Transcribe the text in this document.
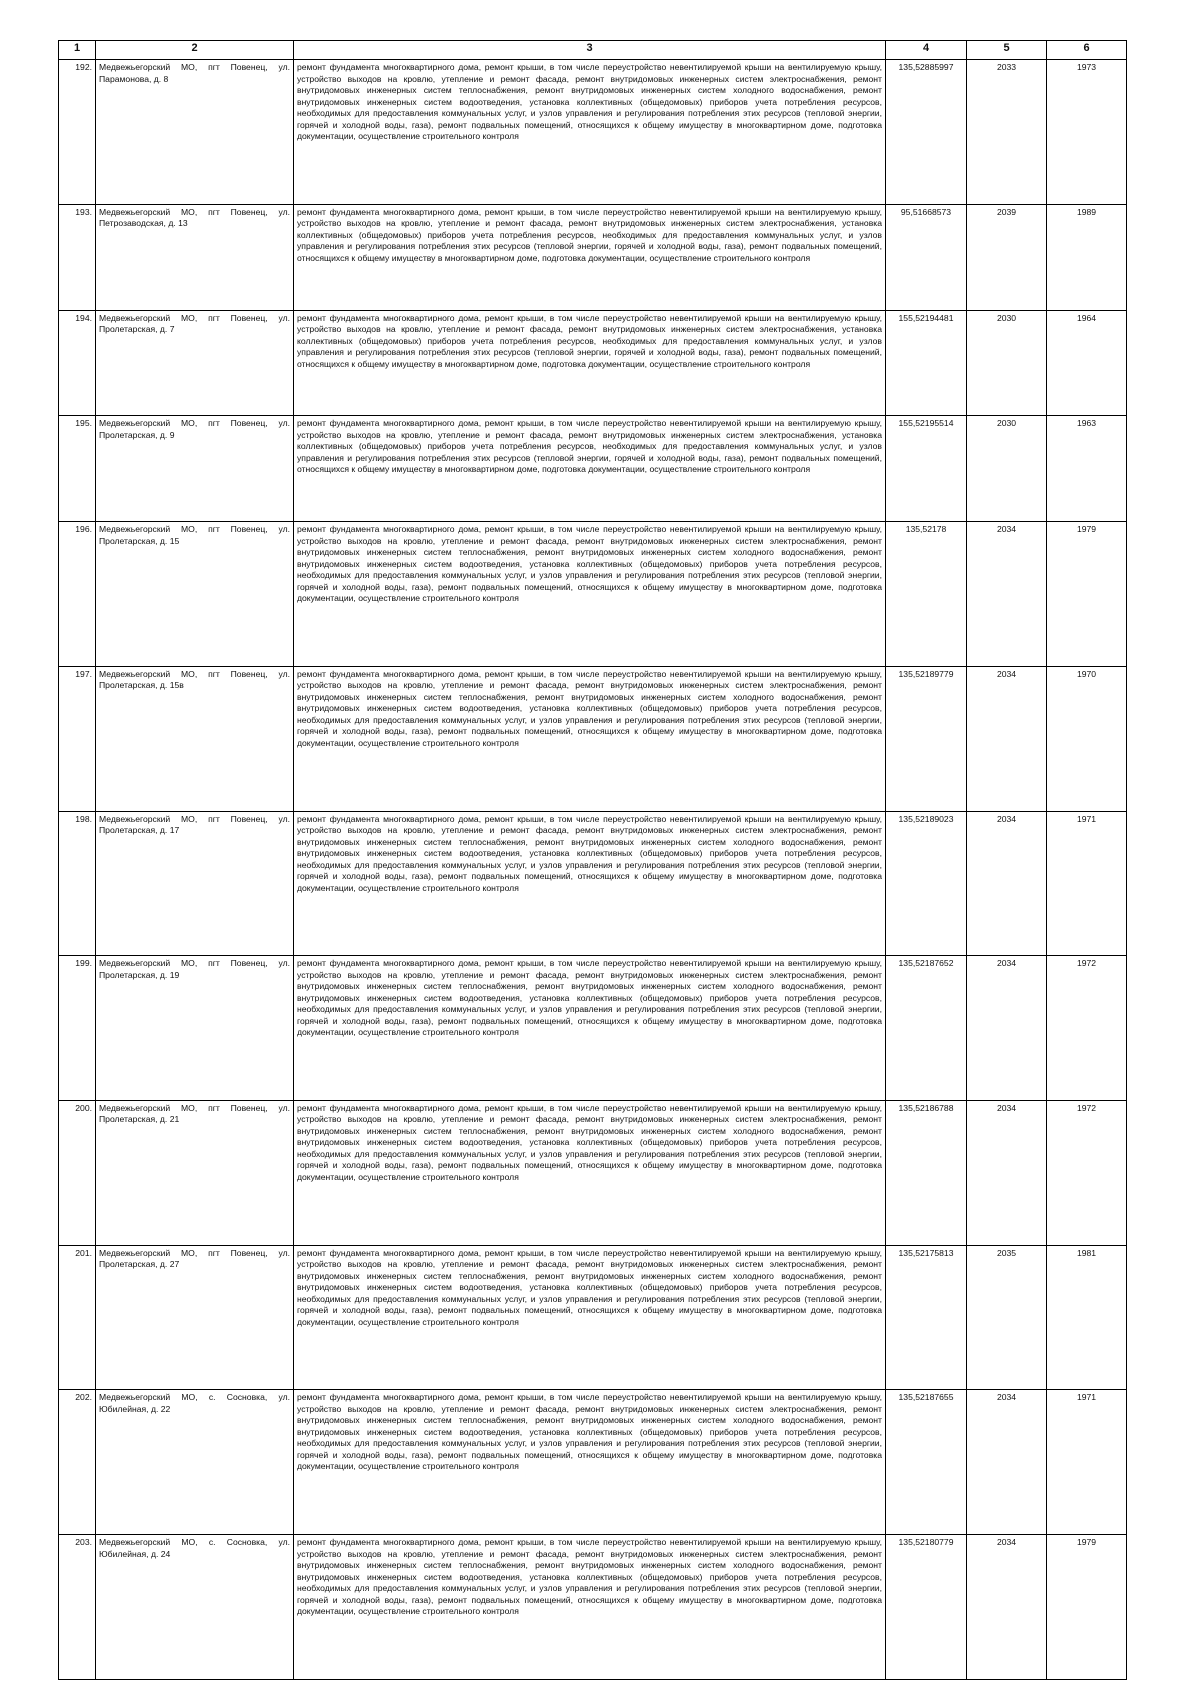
1	2	3	4	5	6
192.	Медвежьегорский МО, пгт Повенец, ул. Парамонова, д. 8	ремонт фундамента многоквартирного дома, ремонт крыши, в том числе переустройство невентилируемой крыши на вентилируемую крышу, устройство выходов на кровлю, утепление и ремонт фасада, ремонт внутридомовых инженерных систем электроснабжения, ремонт внутридомовых инженерных систем теплоснабжения, ремонт внутридомовых инженерных систем холодного водоснабжения, ремонт внутридомовых инженерных систем водоотведения, установка коллективных (общедомовых) приборов учета потребления ресурсов, необходимых для предоставления коммунальных услуг, и узлов управления и регулирования потребления этих ресурсов (тепловой энергии, горячей и холодной воды, газа), ремонт подвальных помещений, относящихся к общему имуществу в многоквартирном доме, подготовка документации, осуществление строительного контроля	135,52885997	2033	1973
193.	Медвежьегорский МО, пгт Повенец, ул. Петрозаводская, д. 13	ремонт фундамента многоквартирного дома, ремонт крыши, в том числе переустройство невентилируемой крыши на вентилируемую крышу, устройство выходов на кровлю, утепление и ремонт фасада, ремонт внутридомовых инженерных систем электроснабжения, установка коллективных (общедомовых) приборов учета потребления ресурсов, необходимых для предоставления коммунальных услуг, и узлов управления и регулирования потребления этих ресурсов (тепловой энергии, горячей и холодной воды, газа), ремонт подвальных помещений, относящихся к общему имуществу в многоквартирном доме, подготовка документации, осуществление строительного контроля	95,51668573	2039	1989
194.	Медвежьегорский МО, пгт Повенец, ул. Пролетарская, д. 7	ремонт фундамента многоквартирного дома, ремонт крыши, в том числе переустройство невентилируемой крыши на вентилируемую крышу, устройство выходов на кровлю, утепление и ремонт фасада, ремонт внутридомовых инженерных систем электроснабжения, установка коллективных (общедомовых) приборов учета потребления ресурсов, необходимых для предоставления коммунальных услуг, и узлов управления и регулирования потребления этих ресурсов (тепловой энергии, горячей и холодной воды, газа), ремонт подвальных помещений, относящихся к общему имуществу в многоквартирном доме, подготовка документации, осуществление строительного контроля	155,52194481	2030	1964
195.	Медвежьегорский МО, пгт Повенец, ул. Пролетарская, д. 9	ремонт фундамента многоквартирного дома, ремонт крыши, в том числе переустройство невентилируемой крыши на вентилируемую крышу, устройство выходов на кровлю, утепление и ремонт фасада, ремонт внутридомовых инженерных систем электроснабжения, установка коллективных (общедомовых) приборов учета потребления ресурсов, необходимых для предоставления коммунальных услуг, и узлов управления и регулирования потребления этих ресурсов (тепловой энергии, горячей и холодной воды, газа), ремонт подвальных помещений, относящихся к общему имуществу в многоквартирном доме, подготовка документации, осуществление строительного контроля	155,52195514	2030	1963
196.	Медвежьегорский МО, пгт Повенец, ул. Пролетарская, д. 15	ремонт фундамента многоквартирного дома, ремонт крыши, в том числе переустройство невентилируемой крыши на вентилируемую крышу, устройство выходов на кровлю, утепление и ремонт фасада, ремонт внутридомовых инженерных систем электроснабжения, ремонт внутридомовых инженерных систем теплоснабжения, ремонт внутридомовых инженерных систем холодного водоснабжения, ремонт внутридомовых инженерных систем водоотведения, установка коллективных (общедомовых) приборов учета потребления ресурсов, необходимых для предоставления коммунальных услуг, и узлов управления и регулирования потребления этих ресурсов (тепловой энергии, горячей и холодной воды, газа), ремонт подвальных помещений, относящихся к общему имуществу в многоквартирном доме, подготовка документации, осуществление строительного контроля	135,52178	2034	1979
197.	Медвежьегорский МО, пгт Повенец, ул. Пролетарская, д. 15в	ремонт фундамента многоквартирного дома, ремонт крыши, в том числе переустройство невентилируемой крыши на вентилируемую крышу, устройство выходов на кровлю, утепление и ремонт фасада, ремонт внутридомовых инженерных систем электроснабжения, ремонт внутридомовых инженерных систем теплоснабжения, ремонт внутридомовых инженерных систем холодного водоснабжения, ремонт внутридомовых инженерных систем водоотведения, установка коллективных (общедомовых) приборов учета потребления ресурсов, необходимых для предоставления коммунальных услуг, и узлов управления и регулирования потребления этих ресурсов (тепловой энергии, горячей и холодной воды, газа), ремонт подвальных помещений, относящихся к общему имуществу в многоквартирном доме, подготовка документации, осуществление строительного контроля	135,52189779	2034	1970
198.	Медвежьегорский МО, пгт Повенец, ул. Пролетарская, д. 17	ремонт фундамента многоквартирного дома, ремонт крыши, в том числе переустройство невентилируемой крыши на вентилируемую крышу, устройство выходов на кровлю, утепление и ремонт фасада, ремонт внутридомовых инженерных систем электроснабжения, ремонт внутридомовых инженерных систем теплоснабжения, ремонт внутридомовых инженерных систем холодного водоснабжения, ремонт внутридомовых инженерных систем водоотведения, установка коллективных (общедомовых) приборов учета потребления ресурсов, необходимых для предоставления коммунальных услуг, и узлов управления и регулирования потребления этих ресурсов (тепловой энергии, горячей и холодной воды, газа), ремонт подвальных помещений, относящихся к общему имуществу в многоквартирном доме, подготовка документации, осуществление строительного контроля	135,52189023	2034	1971
199.	Медвежьегорский МО, пгт Повенец, ул. Пролетарская, д. 19	ремонт фундамента многоквартирного дома, ремонт крыши, в том числе переустройство невентилируемой крыши на вентилируемую крышу, устройство выходов на кровлю, утепление и ремонт фасада, ремонт внутридомовых инженерных систем электроснабжения, ремонт внутридомовых инженерных систем теплоснабжения, ремонт внутридомовых инженерных систем холодного водоснабжения, ремонт внутридомовых инженерных систем водоотведения, установка коллективных (общедомовых) приборов учета потребления ресурсов, необходимых для предоставления коммунальных услуг, и узлов управления и регулирования потребления этих ресурсов (тепловой энергии, горячей и холодной воды, газа), ремонт подвальных помещений, относящихся к общему имуществу в многоквартирном доме, подготовка документации, осуществление строительного контроля	135,52187652	2034	1972
200.	Медвежьегорский МО, пгт Повенец, ул. Пролетарская, д. 21	ремонт фундамента многоквартирного дома, ремонт крыши, в том числе переустройство невентилируемой крыши на вентилируемую крышу, устройство выходов на кровлю, утепление и ремонт фасада, ремонт внутридомовых инженерных систем электроснабжения, ремонт внутридомовых инженерных систем теплоснабжения, ремонт внутридомовых инженерных систем холодного водоснабжения, ремонт внутридомовых инженерных систем водоотведения, установка коллективных (общедомовых) приборов учета потребления ресурсов, необходимых для предоставления коммунальных услуг, и узлов управления и регулирования потребления этих ресурсов (тепловой энергии, горячей и холодной воды, газа), ремонт подвальных помещений, относящихся к общему имуществу в многоквартирном доме, подготовка документации, осуществление строительного контроля	135,52186788	2034	1972
201.	Медвежьегорский МО, пгт Повенец, ул. Пролетарская, д. 27	ремонт фундамента многоквартирного дома, ремонт крыши, в том числе переустройство невентилируемой крыши на вентилируемую крышу, устройство выходов на кровлю, утепление и ремонт фасада, ремонт внутридомовых инженерных систем электроснабжения, ремонт внутридомовых инженерных систем теплоснабжения, ремонт внутридомовых инженерных систем холодного водоснабжения, ремонт внутридомовых инженерных систем водоотведения, установка коллективных (общедомовых) приборов учета потребления ресурсов, необходимых для предоставления коммунальных услуг, и узлов управления и регулирования потребления этих ресурсов (тепловой энергии, горячей и холодной воды, газа), ремонт подвальных помещений, относящихся к общему имуществу в многоквартирном доме, подготовка документации, осуществление строительного контроля	135,52175813	2035	1981
202.	Медвежьегорский МО, с. Сосновка, ул. Юбилейная, д. 22	ремонт фундамента многоквартирного дома, ремонт крыши, в том числе переустройство невентилируемой крыши на вентилируемую крышу, устройство выходов на кровлю, утепление и ремонт фасада, ремонт внутридомовых инженерных систем электроснабжения, ремонт внутридомовых инженерных систем теплоснабжения, ремонт внутридомовых инженерных систем холодного водоснабжения, ремонт внутридомовых инженерных систем водоотведения, установка коллективных (общедомовых) приборов учета потребления ресурсов, необходимых для предоставления коммунальных услуг, и узлов управления и регулирования потребления этих ресурсов (тепловой энергии, горячей и холодной воды, газа), ремонт подвальных помещений, относящихся к общему имуществу в многоквартирном доме, подготовка документации, осуществление строительного контроля	135,52187655	2034	1971
203.	Медвежьегорский МО, с. Сосновка, ул. Юбилейная, д. 24	ремонт фундамента многоквартирного дома, ремонт крыши, в том числе переустройство невентилируемой крыши на вентилируемую крышу, устройство выходов на кровлю, утепление и ремонт фасада, ремонт внутридомовых инженерных систем электроснабжения, ремонт внутридомовых инженерных систем теплоснабжения, ремонт внутридомовых инженерных систем холодного водоснабжения, ремонт внутридомовых инженерных систем водоотведения, установка коллективных (общедомовых) приборов учета потребления ресурсов, необходимых для предоставления коммунальных услуг, и узлов управления и регулирования потребления этих ресурсов (тепловой энергии, горячей и холодной воды, газа), ремонт подвальных помещений, относящихся к общему имуществу в многоквартирном доме, подготовка документации, осуществление строительного контроля	135,52180779	2034	1979
